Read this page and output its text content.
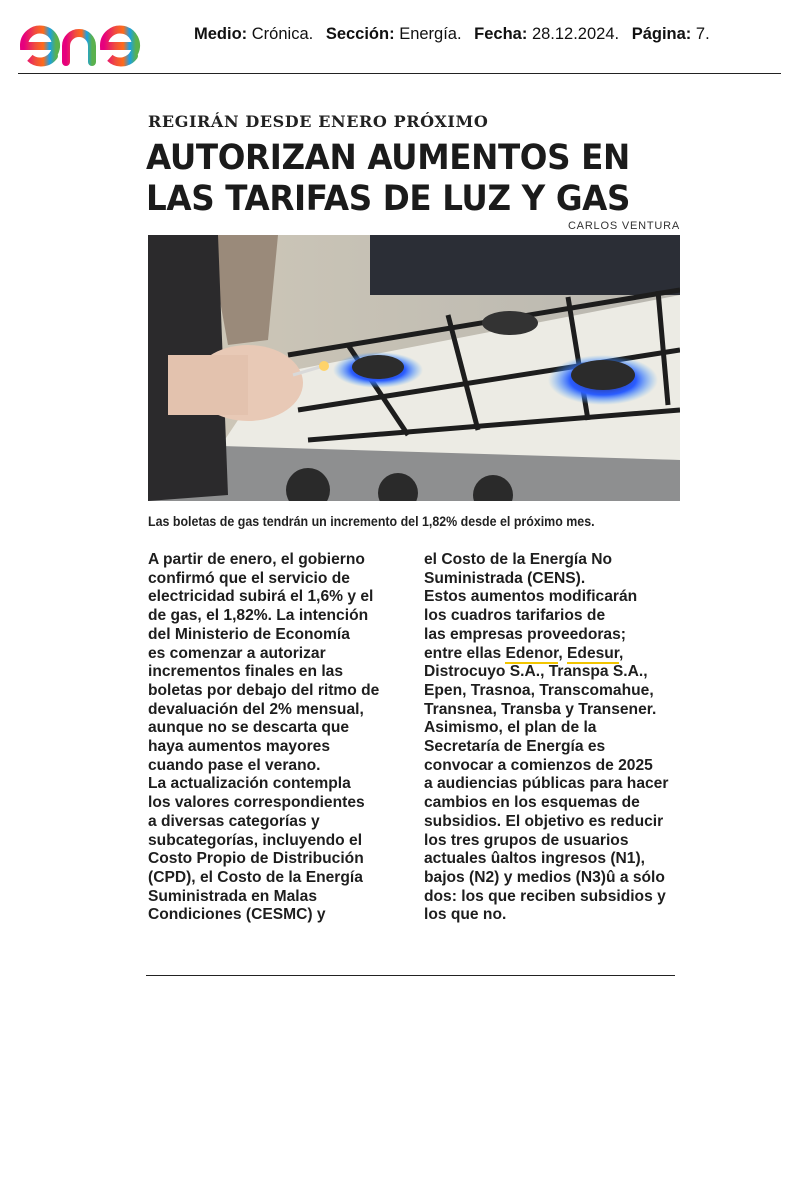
Medio: Crónica. Sección: Energía. Fecha: 28.12.2024. Página: 7.
REGIRÁN DESDE ENERO PRÓXIMO
AUTORIZAN AUMENTOS EN
LAS TARIFAS DE LUZ Y GAS
CARLOS VENTURA
Las boletas de gas tendrán un incremento del 1,82% desde el próximo mes.
A partir de enero, el gobierno
confirmó que el servicio de
electricidad subirá el 1,6% y el
de gas, el 1,82%. La intención
del Ministerio de Economía
es comenzar a autorizar
incrementos finales en las
boletas por debajo del ritmo de
devaluación del 2% mensual,
aunque no se descarta que
haya aumentos mayores
cuando pase el verano.
La actualización contempla
los valores correspondientes
a diversas categorías y
subcategorías, incluyendo el
Costo Propio de Distribución
(CPD), el Costo de la Energía
Suministrada en Malas
Condiciones (CESMC) y
el Costo de la Energía No
Suministrada (CENS).
Estos aumentos modificarán
los cuadros tarifarios de
las empresas proveedoras;
entre ellas Edenor, Edesur,
Distrocuyo S.A., Transpa S.A.,
Epen, Trasnoa, Transcomahue,
Transnea, Transba y Transener.
Asimismo, el plan de la
Secretaría de Energía es
convocar a comienzos de 2025
a audiencias públicas para hacer
cambios en los esquemas de
subsidios. El objetivo es reducir
los tres grupos de usuarios
actuales ûaltos ingresos (N1),
bajos (N2) y medios (N3)û a sólo
dos: los que reciben subsidios y
los que no.
